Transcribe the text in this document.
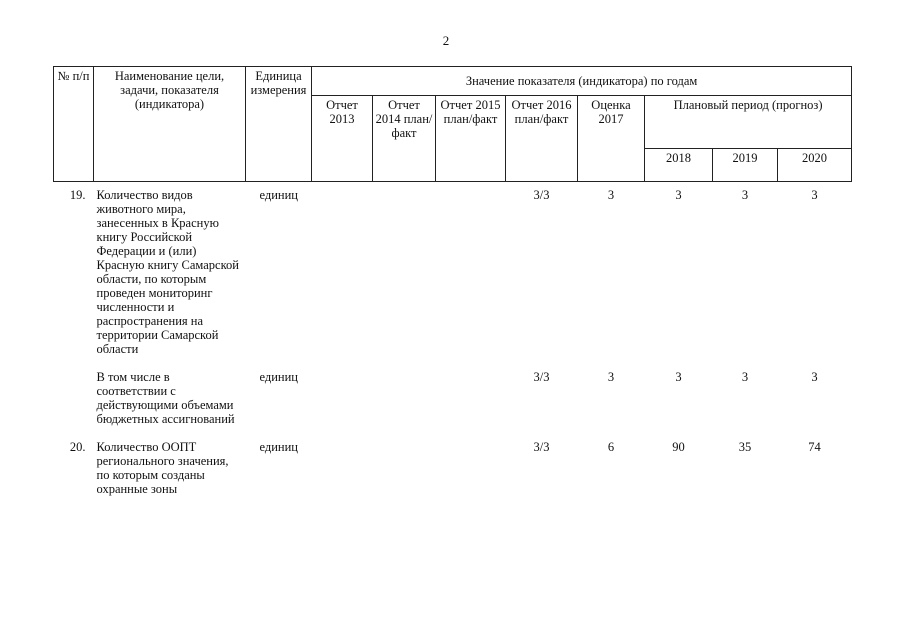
2
№ п/п	Наименование цели, задачи, показателя (индикатора)	Единица измерения	Значение показателя (индикатора) по годам							
			Отчет 2013	Отчет 2014 план/факт	Отчет 2015 план/факт	Отчет 2016 план/факт	Оценка 2017	Плановый период (прогноз)		
								2018	2019	2020
19.	Количество видов животного мира, занесенных в Красную книгу Российской Федерации и (или) Красную книгу Самарской области, по которым проведен мониторинг численности и распространения на территории Самарской области	единиц				3/3	3	3	3	3

	В том числе в соответствии с действующими объемами бюджетных ассигнований	единиц				3/3	3	3	3	3

20.	Количество ООПТ регионального значения, по которым созданы охранные зоны	единиц				3/3	6	90	35	74
